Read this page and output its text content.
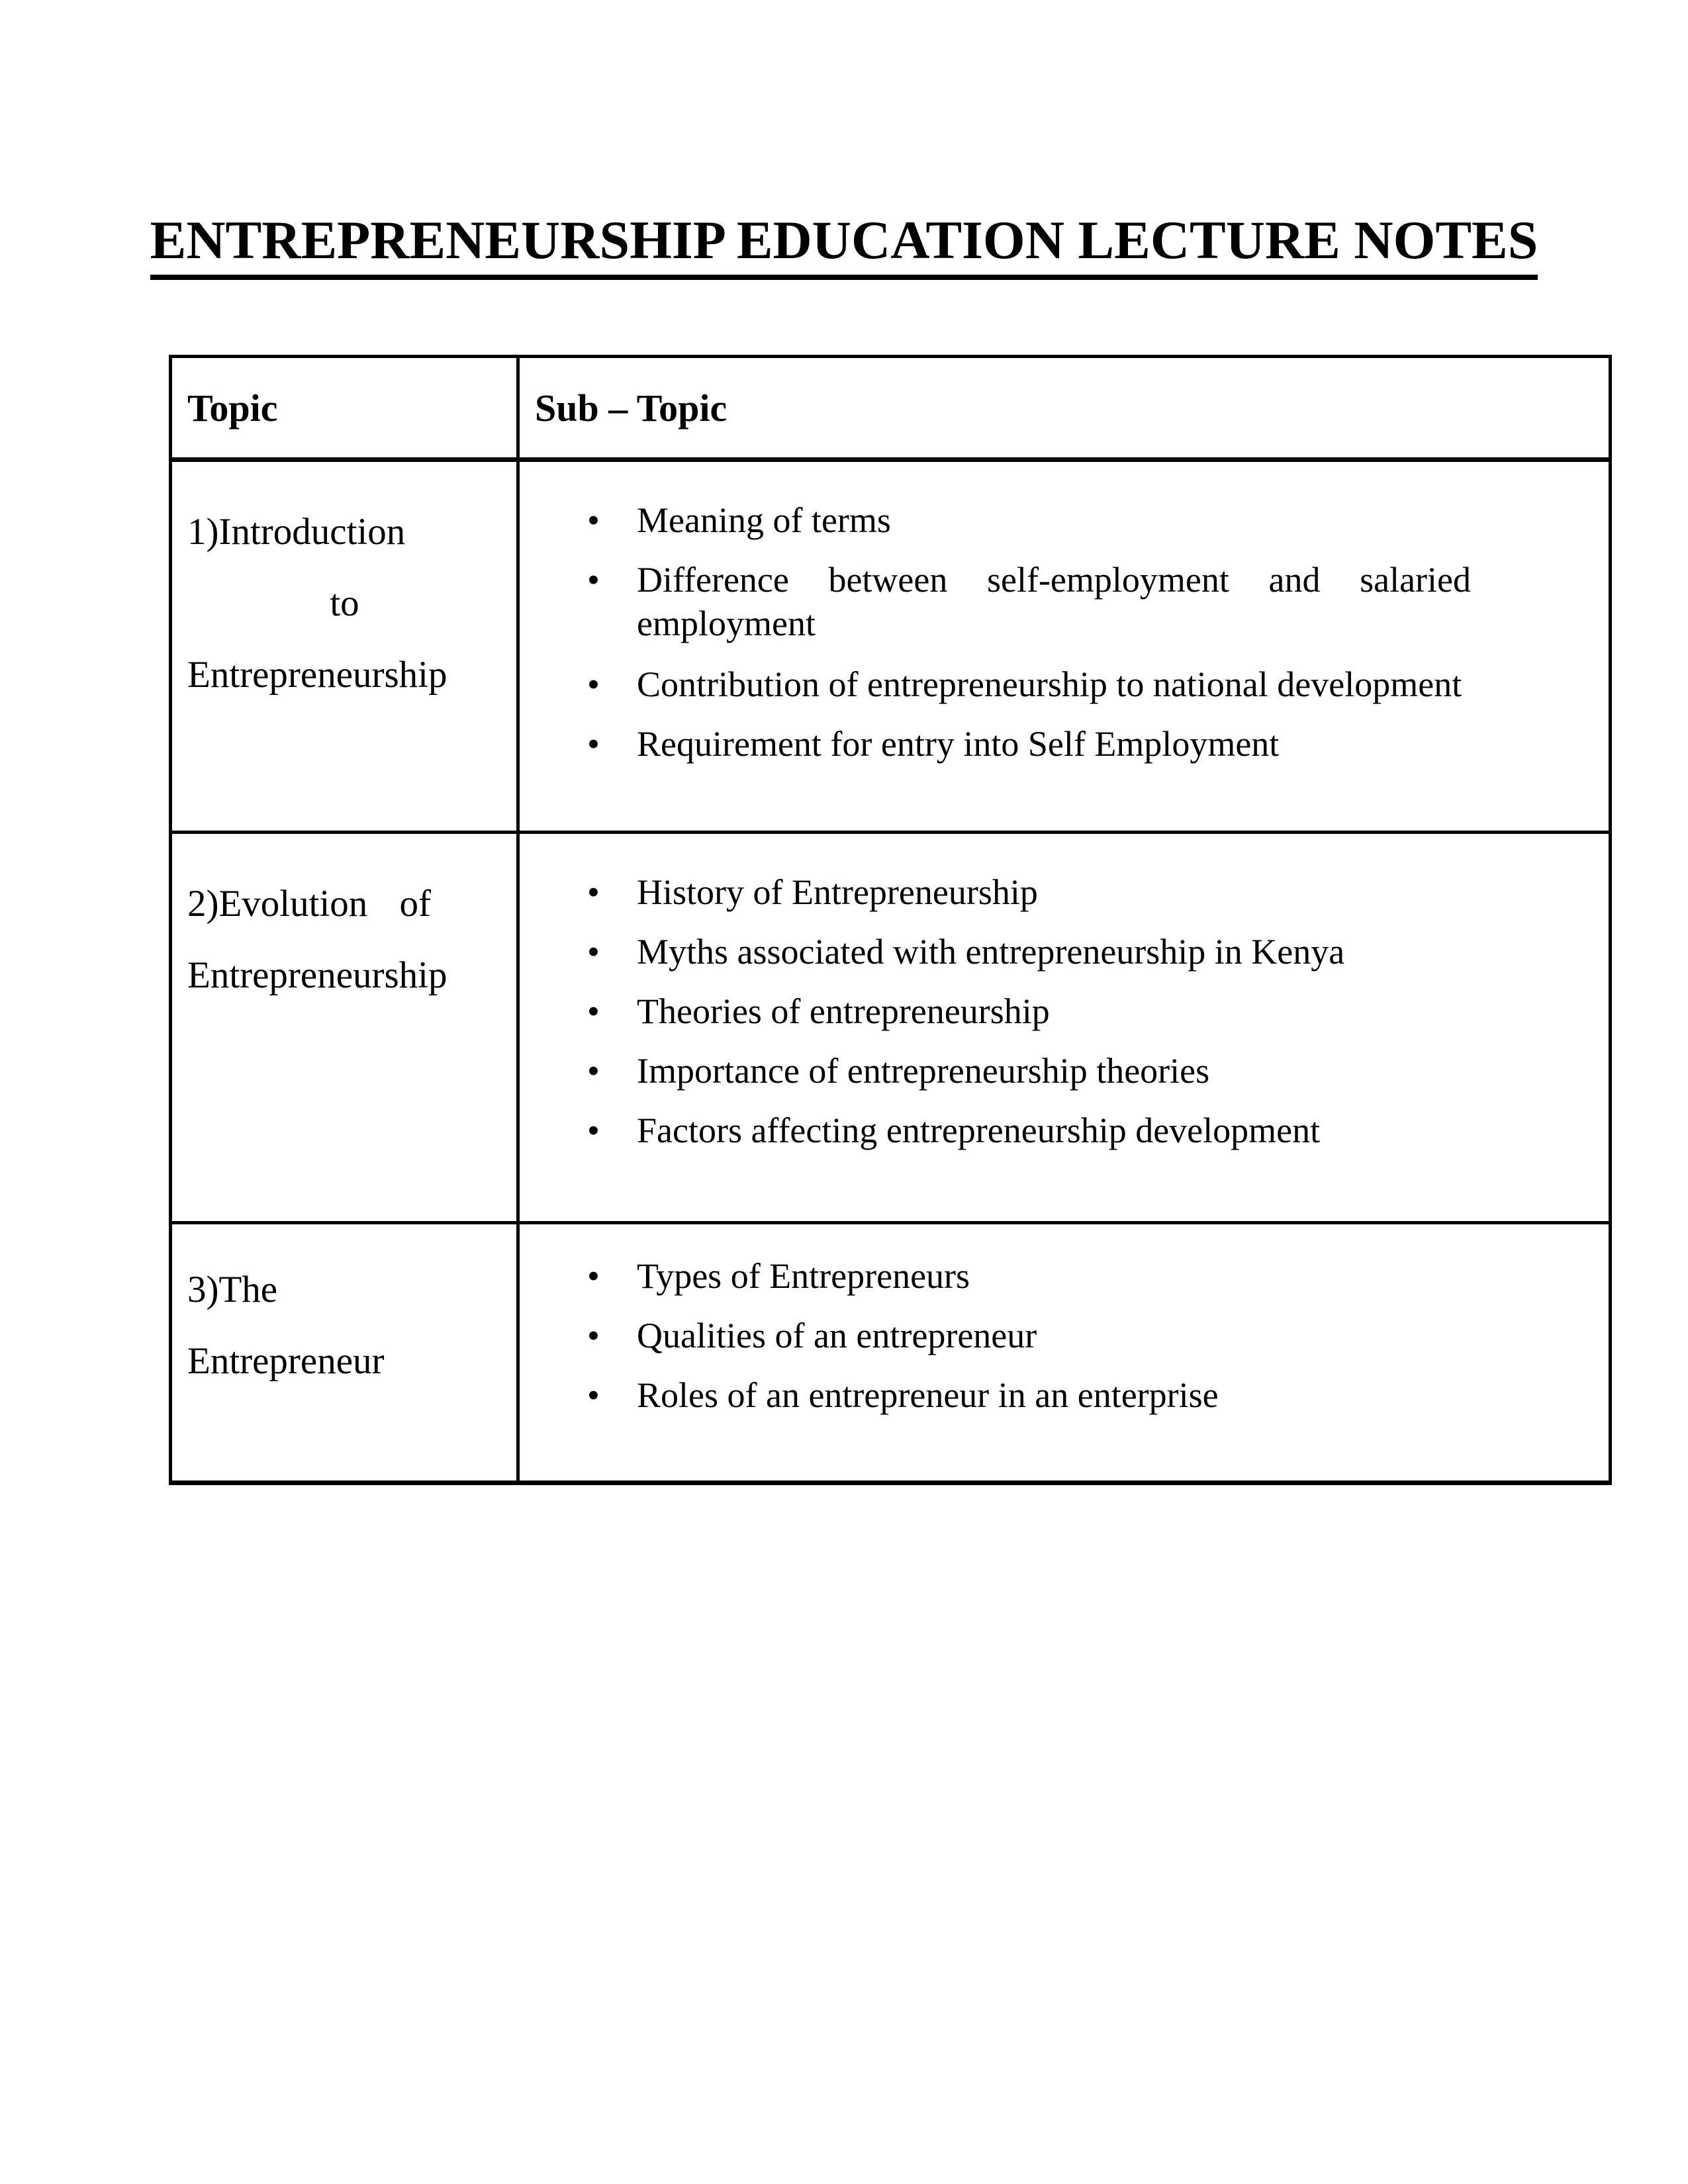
ENTREPRENEURSHIP EDUCATION LECTURE NOTES
Topic	Sub – Topic

1)Introduction
to
Entrepreneurship

•	Meaning of terms
•	Difference between self-employment and salaried employment
•	Contribution of entrepreneurship to national development
•	Requirement for entry into Self Employment

2)Evolution of
Entrepreneurship

•	History of Entrepreneurship
•	Myths associated with entrepreneurship in Kenya
•	Theories of entrepreneurship
•	Importance of entrepreneurship theories
•	Factors affecting entrepreneurship development

3)The
Entrepreneur

•	Types of Entrepreneurs
•	Qualities of an entrepreneur
•	Roles of an entrepreneur in an enterprise
